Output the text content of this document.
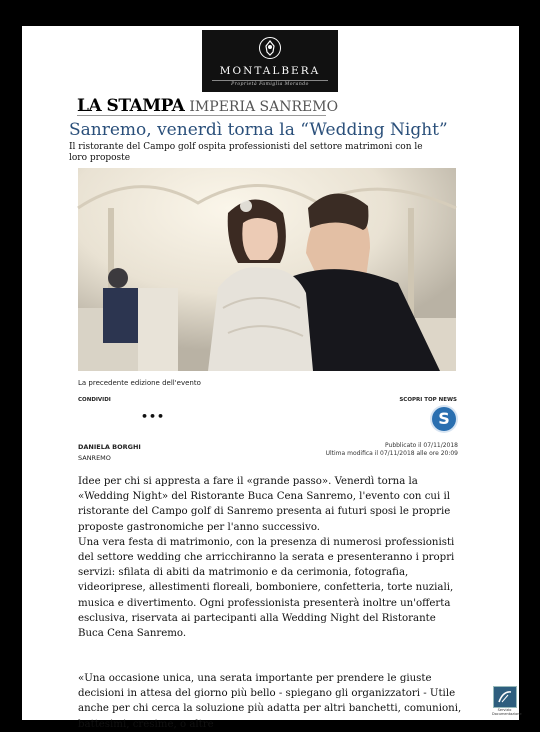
MONTALBERA
Proprietà Famiglia Morando
LA STAMPA IMPERIA SANREMO
Sanremo, venerdì torna la “Wedding Night”
Il ristorante del Campo golf ospita professionisti del settore matrimoni con le loro proposte
La precedente edizione dell'evento
CONDIVIDI	SCOPRI TOP NEWS
•••	S
DANIELA BORGHI
SANREMO
Pubblicato il 07/11/2018
Ultima modifica il 07/11/2018 alle ore 20:09

Idee per chi si appresta a fare il «grande passo». Venerdì torna la «Wedding Night» del Ristorante Buca Cena Sanremo, l'evento con cui il ristorante del Campo golf di Sanremo presenta ai futuri sposi le proprie proposte gastronomiche per l'anno successivo.

Una vera festa di matrimonio, con la presenza di numerosi professionisti del settore wedding che arricchiranno la serata e presenteranno i propri servizi: sfilata di abiti da matrimonio e da cerimonia, fotografia, videoriprese, allestimenti floreali, bomboniere, confetteria, torte nuziali, musica e divertimento. Ogni professionista presenterà inoltre un'offerta esclusiva, riservata ai partecipanti alla Wedding Night del Ristorante Buca Cena Sanremo.

«Una occasione unica, una serata importante per prendere le giuste decisioni in attesa del giorno più bello - spiegano gli organizzatori - Utile anche per chi cerca la soluzione più adatta per altri banchetti, comunioni, battesimi, cresime, o altre

Servizio Documentazione
